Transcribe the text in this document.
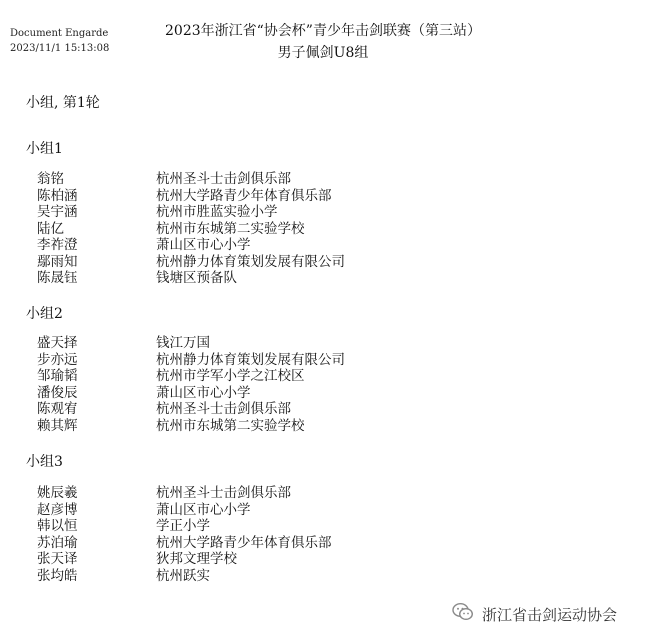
Document Engarde
2023/11/1 15:13:08
2023年浙江省“协会杯”青少年击剑联赛（第三站）
男子佩剑U8组
小组, 第1轮
小组1
翁铭	杭州圣斗士击剑俱乐部
陈柏涵	杭州大学路青少年体育俱乐部
吴宇涵	杭州市胜蓝实验小学
陆亿	杭州市东城第二实验学校
李祚澄	萧山区市心小学
鄢雨知	杭州静力体育策划发展有限公司
陈晟钰	钱塘区预备队
小组2
盛天择	钱江万国
步亦远	杭州静力体育策划发展有限公司
邹瑜韬	杭州市学军小学之江校区
潘俊辰	萧山区市心小学
陈观宥	杭州圣斗士击剑俱乐部
赖其辉	杭州市东城第二实验学校
小组3
姚辰羲	杭州圣斗士击剑俱乐部
赵彦博	萧山区市心小学
韩以恒	学正小学
苏泊瑜	杭州大学路青少年体育俱乐部
张天译	狄邦文理学校
张均皓	杭州跃实
浙江省击剑运动协会
